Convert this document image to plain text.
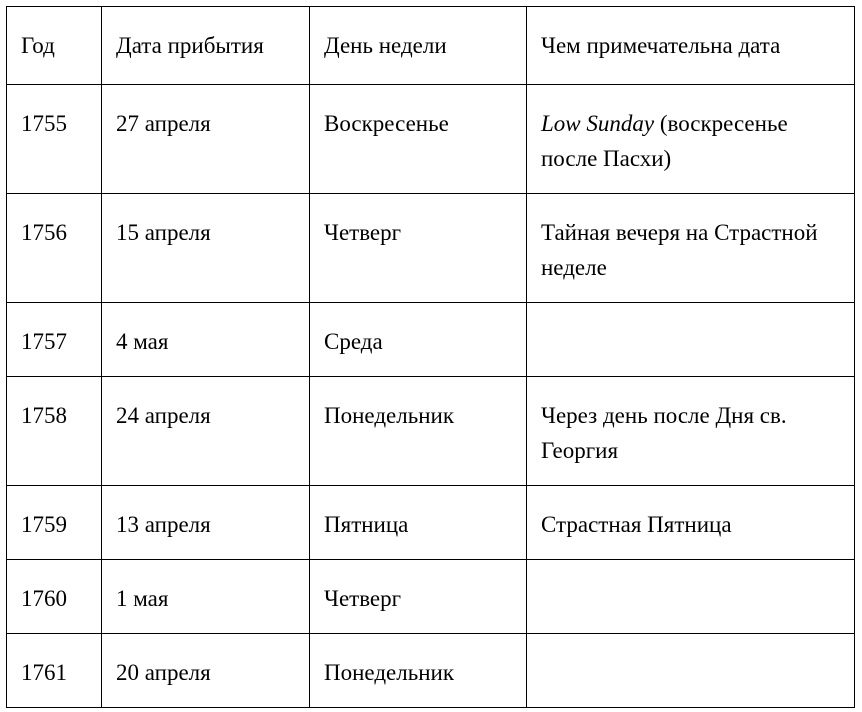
Год	Дата прибытия	День недели	Чем примечательна дата
1755	27 апреля	Воскресенье	Low Sunday (воскресенье после Пасхи)
1756	15 апреля	Четверг	Тайная вечеря на Страстной неделе
1757	4 мая	Среда	
1758	24 апреля	Понедельник	Через день после Дня св. Георгия
1759	13 апреля	Пятница	Страстная Пятница
1760	1 мая	Четверг	
1761	20 апреля	Понедельник	
